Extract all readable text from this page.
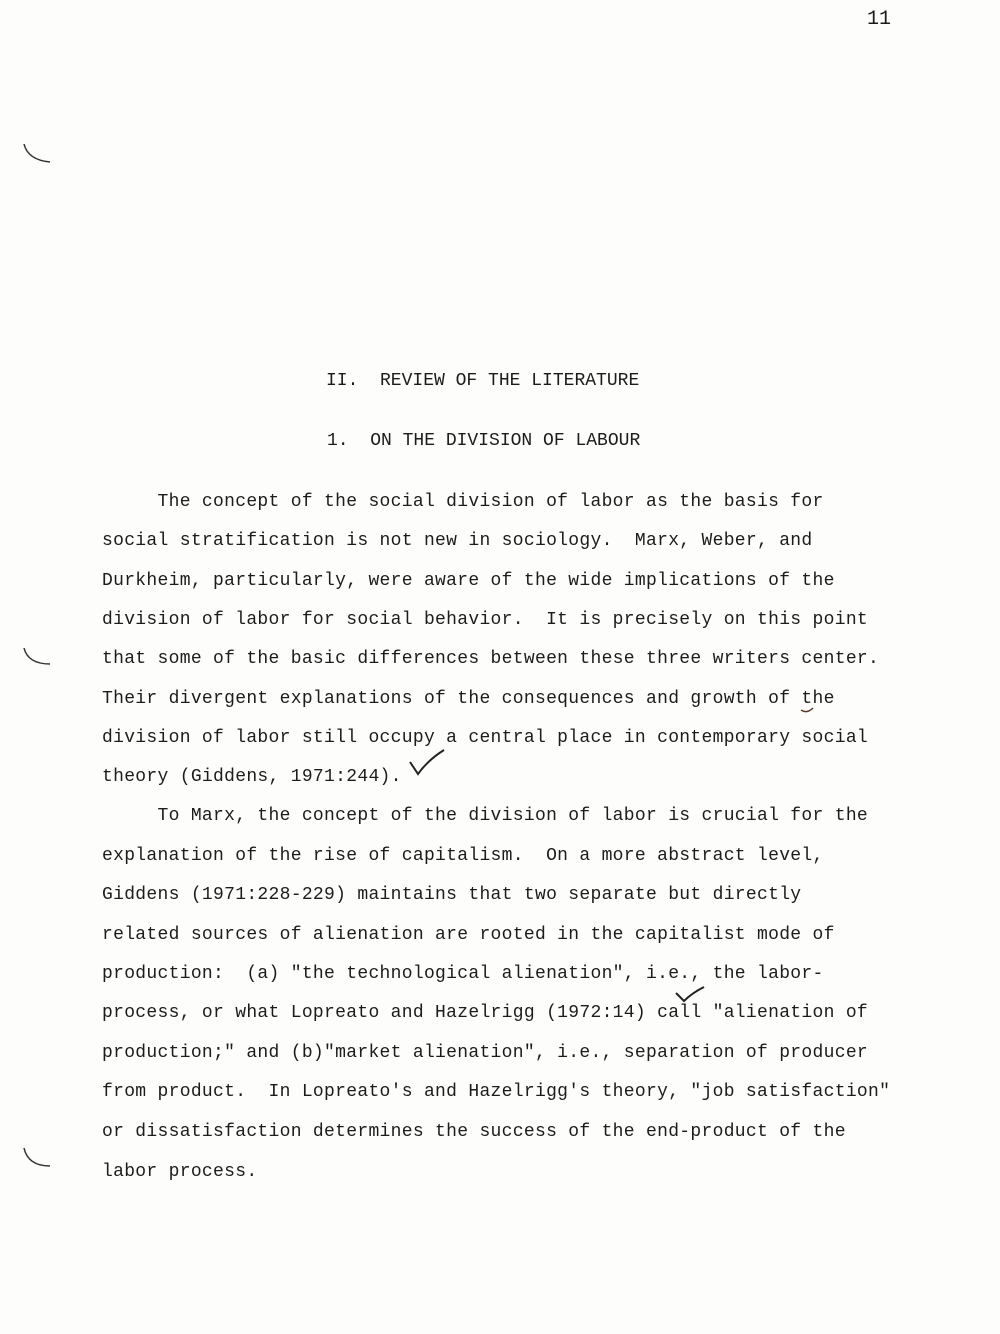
11
II.  REVIEW OF THE LITERATURE
1.  ON THE DIVISION OF LABOUR
The concept of the social division of labor as the basis for
social stratification is not new in sociology.  Marx, Weber, and
Durkheim, particularly, were aware of the wide implications of the
division of labor for social behavior.  It is precisely on this point
that some of the basic differences between these three writers center.
Their divergent explanations of the consequences and growth of the
division of labor still occupy a central place in contemporary social
theory (Giddens, 1971:244).
To Marx, the concept of the division of labor is crucial for the
explanation of the rise of capitalism.  On a more abstract level,
Giddens (1971:228-229) maintains that two separate but directly
related sources of alienation are rooted in the capitalist mode of
production:  (a) "the technological alienation", i.e., the labor-
process, or what Lopreato and Hazelrigg (1972:14) call "alienation of
production;" and (b)"market alienation", i.e., separation of producer
from product.  In Lopreato's and Hazelrigg's theory, "job satisfaction"
or dissatisfaction determines the success of the end-product of the
labor process.
